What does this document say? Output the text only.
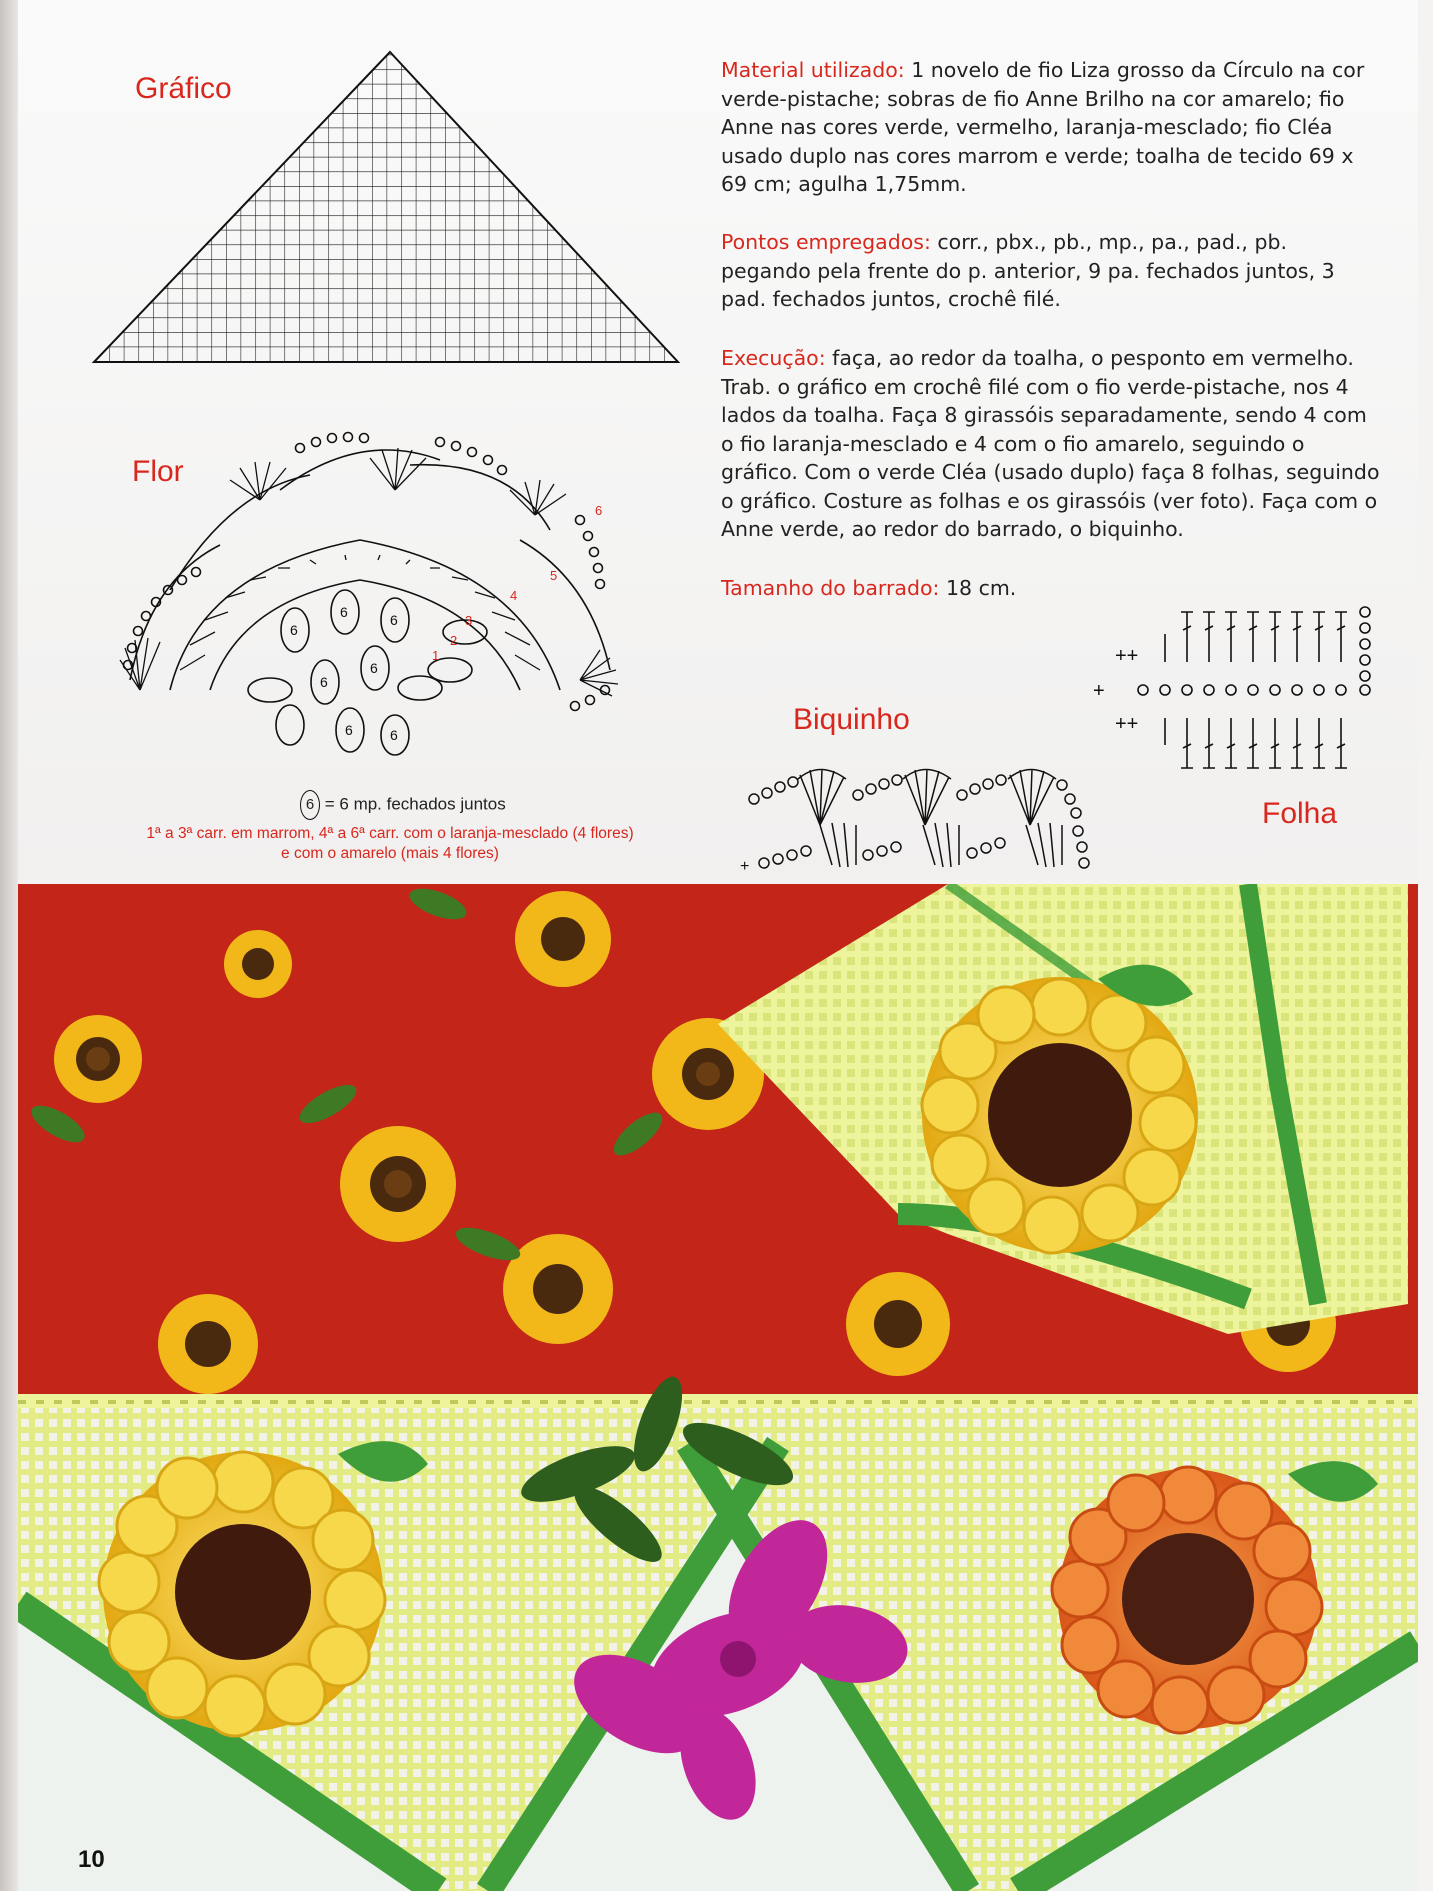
Gráfico
Flor
6
6	6
6
6
6	6
1
2
3
4
5
6
6 = 6 mp. fechados juntos
1ª a 3ª carr. em marrom, 4ª a 6ª carr. com o laranja-mesclado (4 flores)
e com o amarelo (mais 4 flores)

Material utilizado: 1 novelo de fio Liza grosso da Círculo na cor verde-pistache; sobras de fio Anne Brilho na cor amarelo; fio Anne nas cores verde, vermelho, laranja-mesclado; fio Cléa usado duplo nas cores marrom e verde; toalha de tecido 69 x 69 cm; agulha 1,75mm.

Pontos empregados: corr., pbx., pb., mp., pa., pad., pb. pegando pela frente do p. anterior, 9 pa. fechados juntos, 3 pad. fechados juntos, crochê filé.

Execução: faça, ao redor da toalha, o pesponto em vermelho. Trab. o gráfico em crochê filé com o fio verde-pistache, nos 4 lados da toalha. Faça 8 girassóis separadamente, sendo 4 com o fio laranja-mesclado e 4 com o fio amarelo, seguindo o gráfico. Com o verde Cléa (usado duplo) faça 8 folhas, seguindo o gráfico. Costure as folhas e os girassóis (ver foto). Faça com o Anne verde, ao redor do barrado, o biquinho.

Tamanho do barrado: 18 cm.

Biquinho
+
++
+
++
Folha
10
